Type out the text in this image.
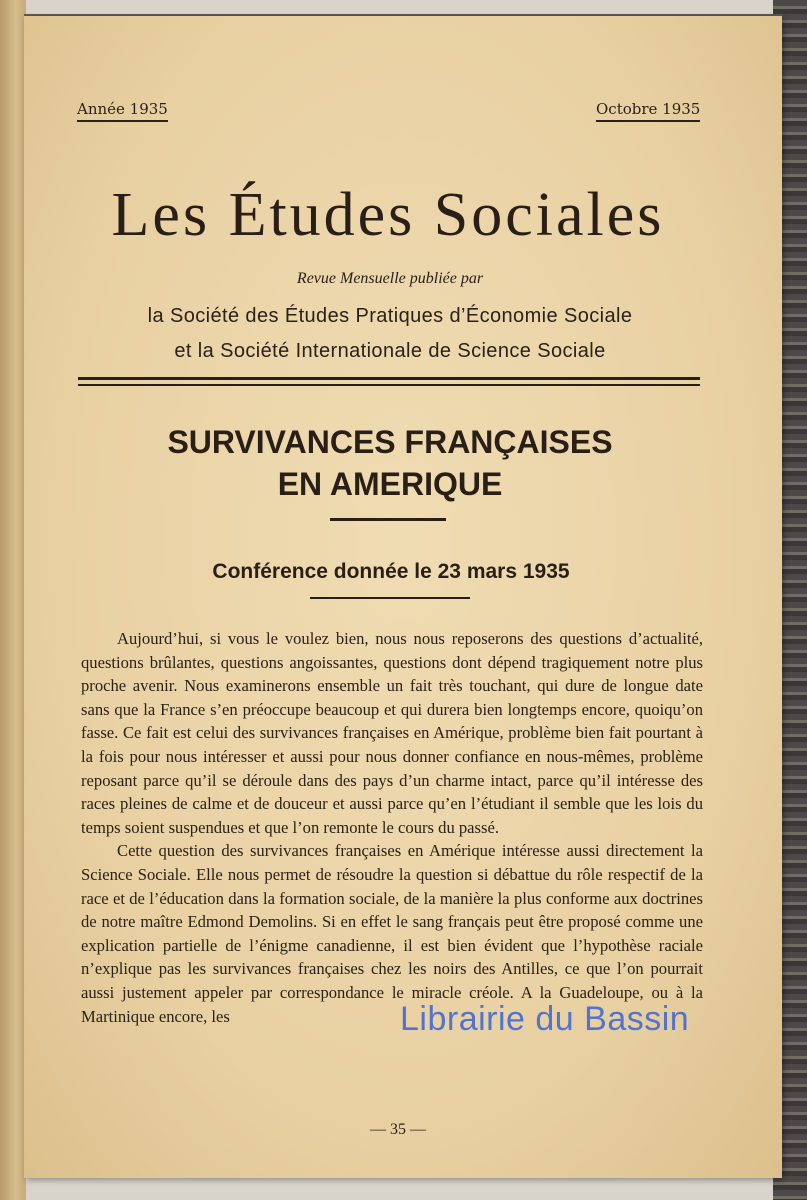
Année 1935	Octobre 1935
Les Études Sociales
Revue Mensuelle publiée par
la Société des Études Pratiques d’Économie Sociale
et la Société Internationale de Science Sociale
SURVIVANCES FRANÇAISES
EN AMERIQUE
Conférence donnée le 23 mars 1935

Aujourd’hui, si vous le voulez bien, nous nous reposerons des questions d’actualité, questions brûlantes, questions angoissantes, questions dont dépend tragiquement notre plus proche avenir. Nous examinerons ensemble un fait très touchant, qui dure de longue date sans que la France s’en préoccupe beaucoup et qui durera bien longtemps encore, quoiqu’on fasse. Ce fait est celui des survivances françaises en Amérique, problème bien fait pourtant à la fois pour nous intéresser et aussi pour nous donner confiance en nous-mêmes, problème reposant parce qu’il se déroule dans des pays d’un charme intact, parce qu’il intéresse des races pleines de calme et de douceur et aussi parce qu’en l’étudiant il semble que les lois du temps soient suspendues et que l’on remonte le cours du passé.

Cette question des survivances françaises en Amérique intéresse aussi directement la Science Sociale. Elle nous permet de résoudre la question si débattue du rôle respectif de la race et de l’éducation dans la formation sociale, de la manière la plus conforme aux doctrines de notre maître Edmond Demolins. Si en effet le sang français peut être proposé comme une explication partielle de l’énigme canadienne, il est bien évident que l’hypothèse raciale n’explique pas les survivances françaises chez les noirs des Antilles, ce que l’on pourrait aussi justement appeler par correspondance le miracle créole. A la Guadeloupe, ou à la Martinique encore, les	Librairie du Bassin
— 35 —
